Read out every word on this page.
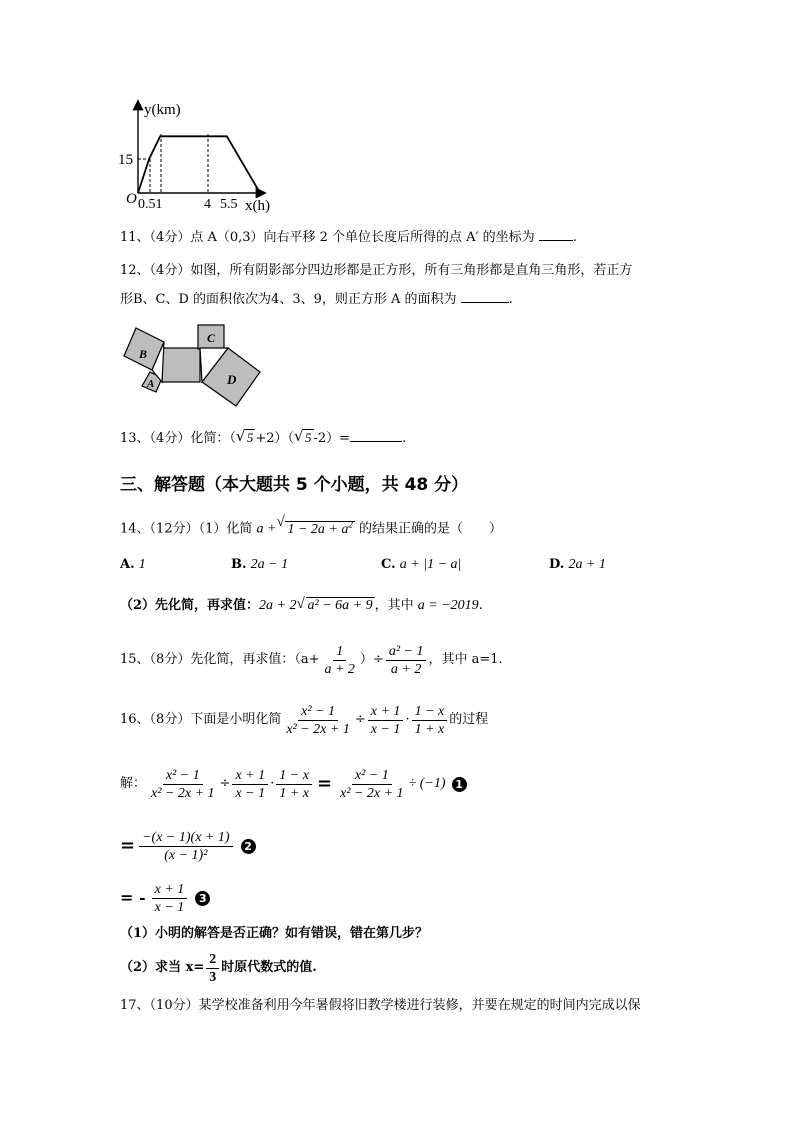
y(km)
15
O 0.51	4 5.5 x(h)
11、（4分）点 A（0,3）向右平移 2 个单位长度后所得的点 A′ 的坐标为	.
12、（4分）如图，所有阴影部分四边形都是正方形，所有三角形都是直角三角形，若正方
形B、C、D 的面积依次为4、3、9，则正方形 A 的面积为	.
B
A
C
D
13、（4分）化简：（ √ 5 +2）（ √ 5 -2）=	.
三、解答题（本大题共 5 个小题，共 48 分）
14、（12分）（1）化简 a + √ $1 - 2a + a^2$ 的结果正确的是（　　）
A. 1	B. 2a − 1	C. a + |1 − a|	D. 2a + 1
（2）先化简，再求值：2a + 2 √ a² − 6a + 9 ，其中 a = −2019.
15、（8分）先化简，再求值：（$a+ \frac{1}{a + 2}$ ）÷ $\frac{\text{a² − 1}}{a + 2}$ ，其中 a=1.
16、（8分）下面是小明化简 $\frac{\text{x² − 1}}{\text{x² − 2x + 1}} \div \frac{x + 1}{x - 1} \cdot \frac{1 - x}{1 + x}$ 的过程
解： $\frac{\text{x² − 1}}{\text{x² − 2x + 1}} \div \frac{x + 1}{x - 1} \cdot \frac{1 - x}{1 + x} = \frac{\text{x² − 1}}{\text{x² − 2x + 1}} \div (-1)$ 1
= $\frac{-(x - 1)(x + 1)}{\text{(x − 1)²}}$	2
= - $\frac{x + 1}{x - 1}$	3
（1）小明的解答是否正确？如有错误，错在第几步？
（2）求当 $x= \frac{2}{3}$ 时原代数式的值.
17、（10分）某学校准备利用今年暑假将旧教学楼进行装修，并要在规定的时间内完成以保
